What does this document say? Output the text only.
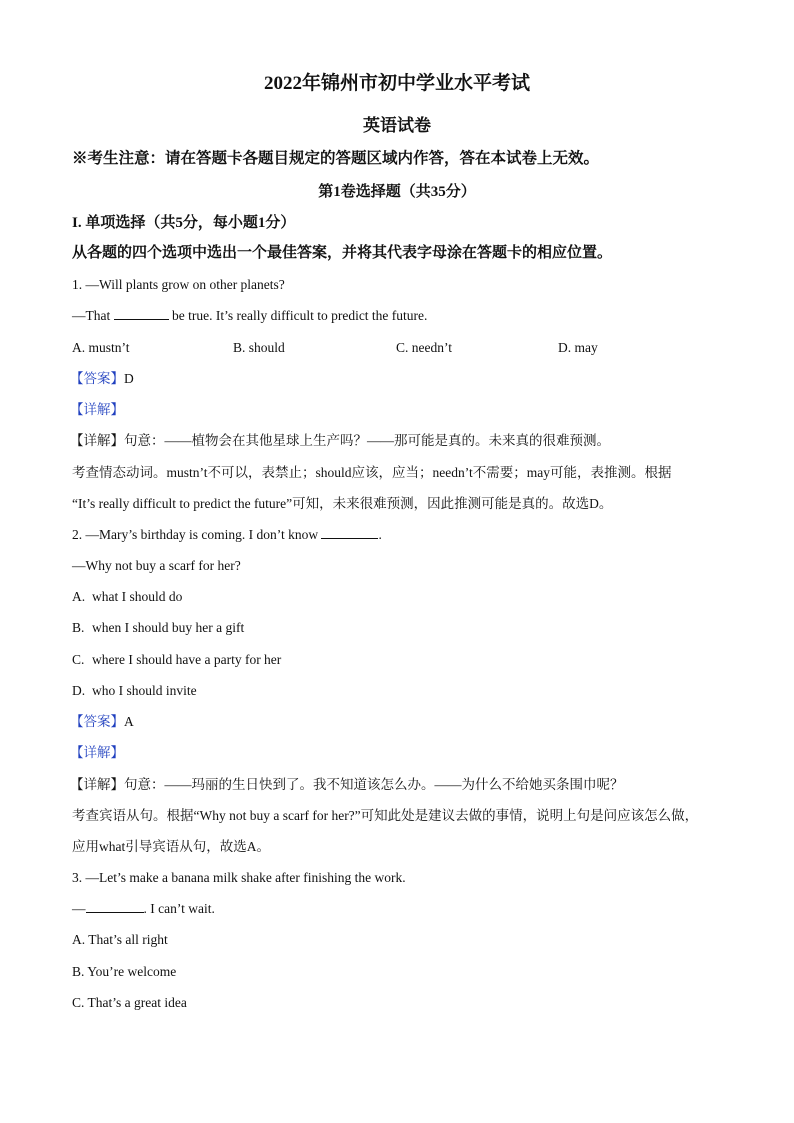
2022年锦州市初中学业水平考试
英语试卷
※考生注意：请在答题卡各题目规定的答题区域内作答，答在本试卷上无效。
第1卷选择题（共35分）
I. 单项选择（共5分，每小题1分）
从各题的四个选项中选出一个最佳答案，并将其代表字母涂在答题卡的相应位置。
1. —Will plants grow on other planets?
—That	be true. It’s really difficult to predict the future.
A. mustn’t	B. should	C. needn’t	D. may
【答案】D
【详解】
【详解】句意：——植物会在其他星球上生产吗？——那可能是真的。未来真的很难预测。
考查情态动词。mustn’t不可以，表禁止；should应该，应当；needn’t不需要；may可能，表推测。根据
“It’s really difficult to predict the future”可知，未来很难预测，因此推测可能是真的。故选D。
2. —Mary’s birthday is coming. I don’t know	.
—Why not buy a scarf for her?
A. what I should do
B. when I should buy her a gift
C. where I should have a party for her
D. who I should invite
【答案】A
【详解】
【详解】句意：——玛丽的生日快到了。我不知道该怎么办。——为什么不给她买条围巾呢？
考查宾语从句。根据“Why not buy a scarf for her?”可知此处是建议去做的事情，说明上句是问应该怎么做，
应用what引导宾语从句，故选A。
3. —Let’s make a banana milk shake after finishing the work.
—	. I can’t wait.
A. That’s all right
B. You’re welcome
C. That’s a great idea
